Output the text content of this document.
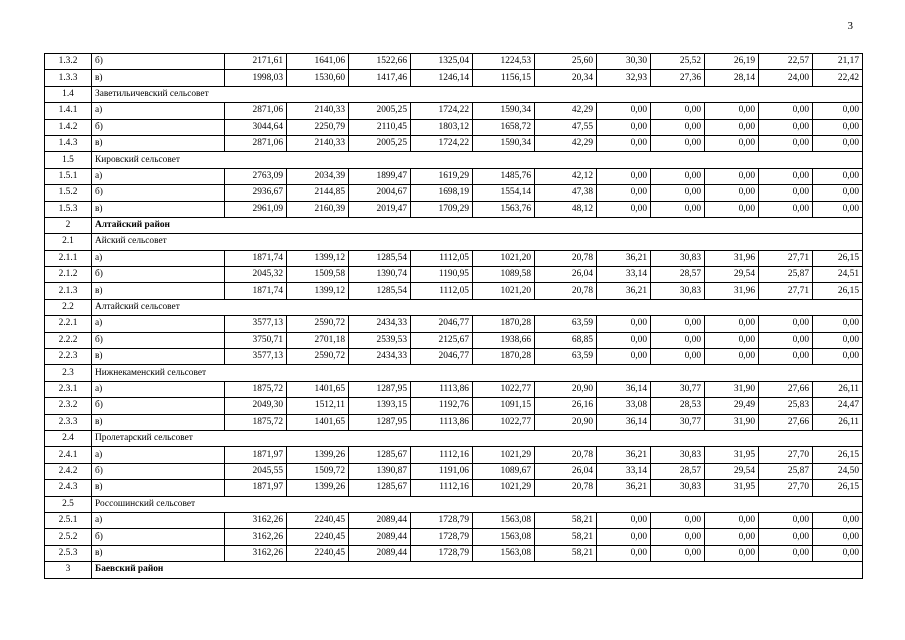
3
1.3.2	б)	2171,61	1641,06	1522,66	1325,04	1224,53	25,60	30,30	25,52	26,19	22,57	21,17
1.3.3	в)	1998,03	1530,60	1417,46	1246,14	1156,15	20,34	32,93	27,36	28,14	24,00	22,42
1.4	Заветильичевский сельсовет											
1.4.1	а)	2871,06	2140,33	2005,25	1724,22	1590,34	42,29	0,00	0,00	0,00	0,00	0,00
1.4.2	б)	3044,64	2250,79	2110,45	1803,12	1658,72	47,55	0,00	0,00	0,00	0,00	0,00
1.4.3	в)	2871,06	2140,33	2005,25	1724,22	1590,34	42,29	0,00	0,00	0,00	0,00	0,00
1.5	Кировский сельсовет											
1.5.1	а)	2763,09	2034,39	1899,47	1619,29	1485,76	42,12	0,00	0,00	0,00	0,00	0,00
1.5.2	б)	2936,67	2144,85	2004,67	1698,19	1554,14	47,38	0,00	0,00	0,00	0,00	0,00
1.5.3	в)	2961,09	2160,39	2019,47	1709,29	1563,76	48,12	0,00	0,00	0,00	0,00	0,00
2	Алтайский район											
2.1	Айский сельсовет											
2.1.1	а)	1871,74	1399,12	1285,54	1112,05	1021,20	20,78	36,21	30,83	31,96	27,71	26,15
2.1.2	б)	2045,32	1509,58	1390,74	1190,95	1089,58	26,04	33,14	28,57	29,54	25,87	24,51
2.1.3	в)	1871,74	1399,12	1285,54	1112,05	1021,20	20,78	36,21	30,83	31,96	27,71	26,15
2.2	Алтайский сельсовет											
2.2.1	а)	3577,13	2590,72	2434,33	2046,77	1870,28	63,59	0,00	0,00	0,00	0,00	0,00
2.2.2	б)	3750,71	2701,18	2539,53	2125,67	1938,66	68,85	0,00	0,00	0,00	0,00	0,00
2.2.3	в)	3577,13	2590,72	2434,33	2046,77	1870,28	63,59	0,00	0,00	0,00	0,00	0,00
2.3	Нижнекаменский сельсовет											
2.3.1	а)	1875,72	1401,65	1287,95	1113,86	1022,77	20,90	36,14	30,77	31,90	27,66	26,11
2.3.2	б)	2049,30	1512,11	1393,15	1192,76	1091,15	26,16	33,08	28,53	29,49	25,83	24,47
2.3.3	в)	1875,72	1401,65	1287,95	1113,86	1022,77	20,90	36,14	30,77	31,90	27,66	26,11
2.4	Пролетарский сельсовет											
2.4.1	а)	1871,97	1399,26	1285,67	1112,16	1021,29	20,78	36,21	30,83	31,95	27,70	26,15
2.4.2	б)	2045,55	1509,72	1390,87	1191,06	1089,67	26,04	33,14	28,57	29,54	25,87	24,50
2.4.3	в)	1871,97	1399,26	1285,67	1112,16	1021,29	20,78	36,21	30,83	31,95	27,70	26,15
2.5	Россошинский сельсовет											
2.5.1	а)	3162,26	2240,45	2089,44	1728,79	1563,08	58,21	0,00	0,00	0,00	0,00	0,00
2.5.2	б)	3162,26	2240,45	2089,44	1728,79	1563,08	58,21	0,00	0,00	0,00	0,00	0,00
2.5.3	в)	3162,26	2240,45	2089,44	1728,79	1563,08	58,21	0,00	0,00	0,00	0,00	0,00
3	Баевский район											
